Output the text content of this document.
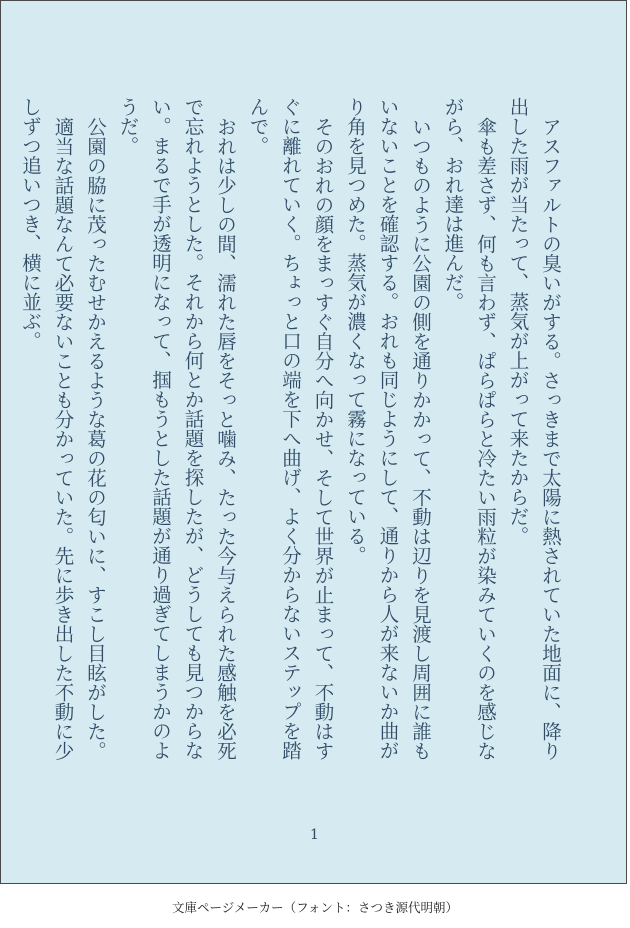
アスファルトの臭いがする。さっきまで太陽に熱されていた地面に、降り出した雨が当たって、蒸気が上がって来たからだ。

傘も差さず、何も言わず、ぱらぱらと冷たい雨粒が染みていくのを感じながら、おれ達は進んだ。

いつものように公園の側を通りかかって、不動は辺りを見渡し周囲に誰もいないことを確認する。おれも同じようにして、通りから人が来ないか曲がり角を見つめた。蒸気が濃くなって霧になっている。

そのおれの顔をまっすぐ自分へ向かせ、そして世界が止まって、不動はすぐに離れていく。ちょっと口の端を下へ曲げ、よく分からないステップを踏んで。

おれは少しの間、濡れた唇をそっと噛み、たった今与えられた感触を必死で忘れようとした。それから何とか話題を探したが、どうしても見つからない。まるで手が透明になって、掴もうとした話題が通り過ぎてしまうかのようだ。

公園の脇に茂ったむせかえるような葛の花の匂いに、すこし目眩がした。

適当な話題なんて必要ないことも分かっていた。先に歩き出した不動に少しずつ追いつき、横に並ぶ。

1
文庫ページメーカー（フォント：さつき源代明朝）
